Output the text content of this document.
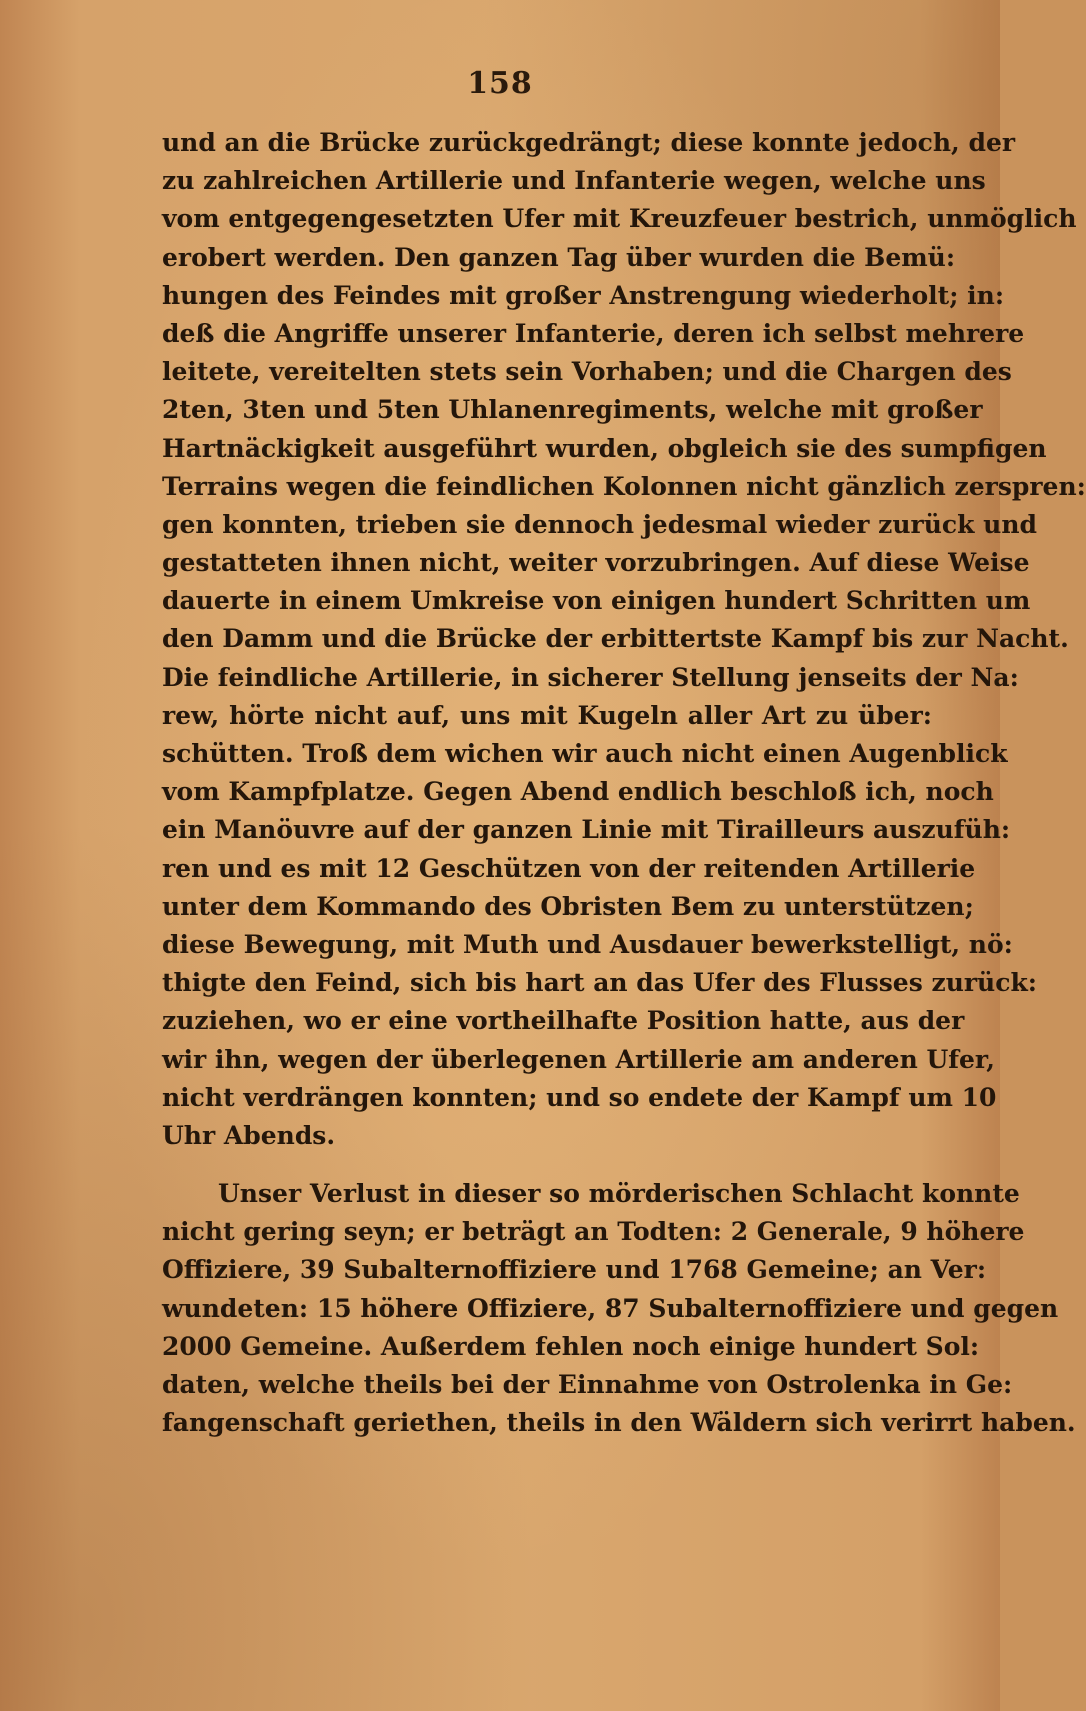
158
und an die Brücke zurückgedrängt; diese konnte jedoch, der
zu zahlreichen Artillerie und Infanterie wegen, welche uns
vom entgegengesetzten Ufer mit Kreuzfeuer bestrich, unmöglich
erobert werden. Den ganzen Tag über wurden die Bemü:
hungen des Feindes mit großer Anstrengung wiederholt; in:
deß die Angriffe unserer Infanterie, deren ich selbst mehrere
leitete, vereitelten stets sein Vorhaben; und die Chargen des
2ten, 3ten und 5ten Uhlanenregiments, welche mit großer
Hartnäckigkeit ausgeführt wurden, obgleich sie des sumpfigen
Terrains wegen die feindlichen Kolonnen nicht gänzlich zerspren:
gen konnten, trieben sie dennoch jedesmal wieder zurück und
gestatteten ihnen nicht, weiter vorzubringen. Auf diese Weise
dauerte in einem Umkreise von einigen hundert Schritten um
den Damm und die Brücke der erbittertste Kampf bis zur Nacht.
Die feindliche Artillerie, in sicherer Stellung jenseits der Na:
rew, hörte nicht auf, uns mit Kugeln aller Art zu über:
schütten. Troß dem wichen wir auch nicht einen Augenblick
vom Kampfplatze. Gegen Abend endlich beschloß ich, noch
ein Manöuvre auf der ganzen Linie mit Tirailleurs auszufüh:
ren und es mit 12 Geschützen von der reitenden Artillerie
unter dem Kommando des Obristen Bem zu unterstützen;
diese Bewegung, mit Muth und Ausdauer bewerkstelligt, nö:
thigte den Feind, sich bis hart an das Ufer des Flusses zurück:
zuziehen, wo er eine vortheilhafte Position hatte, aus der
wir ihn, wegen der überlegenen Artillerie am anderen Ufer,
nicht verdrängen konnten; und so endete der Kampf um 10
Uhr Abends.
Unser Verlust in dieser so mörderischen Schlacht konnte
nicht gering seyn; er beträgt an Todten: 2 Generale, 9 höhere
Offiziere, 39 Subalternoffiziere und 1768 Gemeine; an Ver:
wundeten: 15 höhere Offiziere, 87 Subalternoffiziere und gegen
2000 Gemeine. Außerdem fehlen noch einige hundert Sol:
daten, welche theils bei der Einnahme von Ostrolenka in Ge:
fangenschaft geriethen, theils in den Wäldern sich verirrt haben.
